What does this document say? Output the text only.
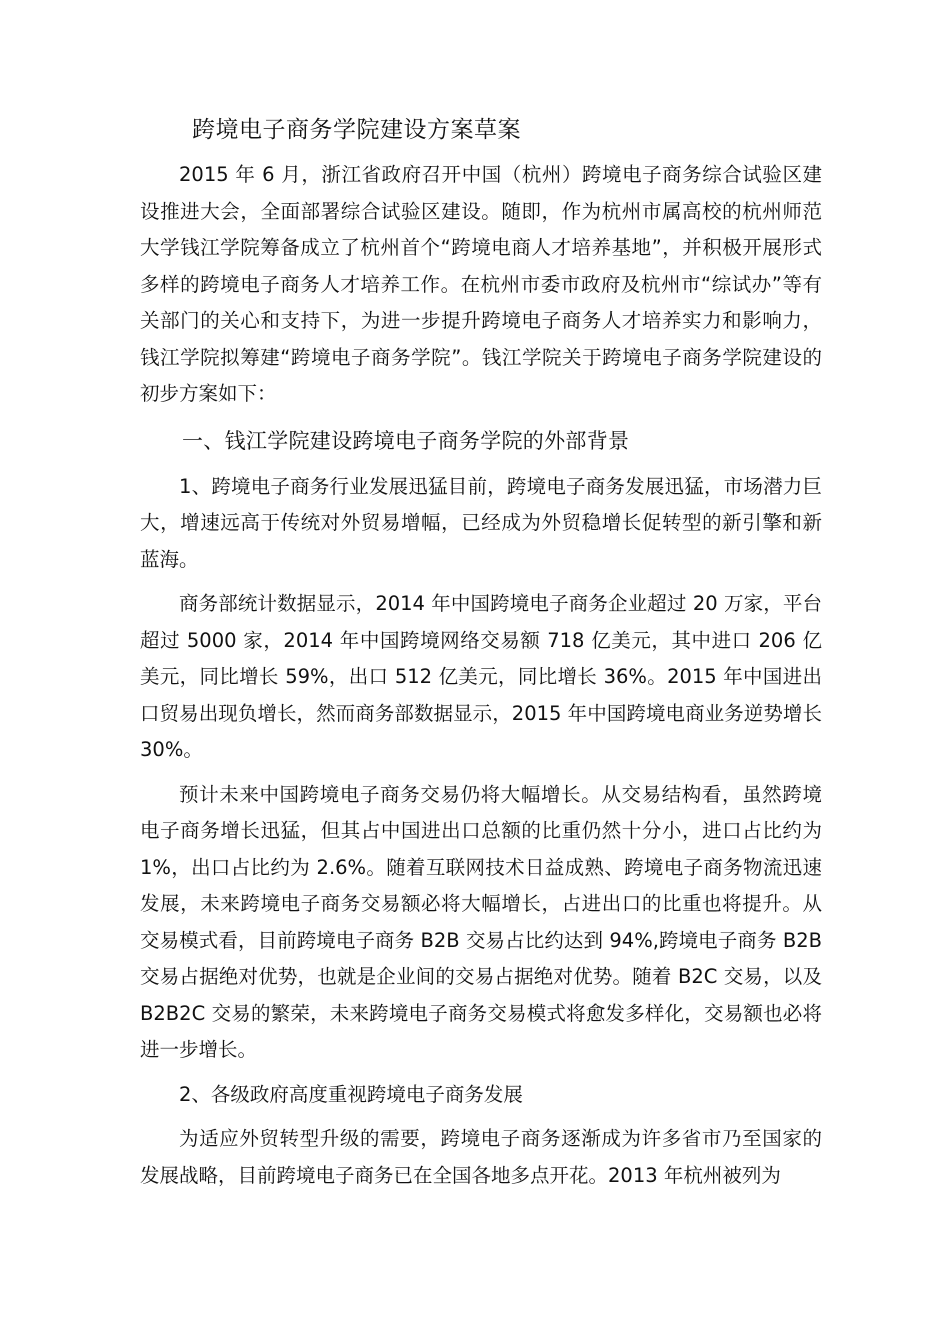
跨境电子商务学院建设方案草案

2015 年 6 月，浙江省政府召开中国（杭州）跨境电子商务综合试验区建设推进大会，全面部署综合试验区建设。随即，作为杭州市属高校的杭州师范大学钱江学院筹备成立了杭州首个“跨境电商人才培养基地”，并积极开展形式多样的跨境电子商务人才培养工作。在杭州市委市政府及杭州市“综试办”等有关部门的关心和支持下，为进一步提升跨境电子商务人才培养实力和影响力，钱江学院拟筹建“跨境电子商务学院”。钱江学院关于跨境电子商务学院建设的初步方案如下：

一、钱江学院建设跨境电子商务学院的外部背景

1、跨境电子商务行业发展迅猛目前，跨境电子商务发展迅猛，市场潜力巨大，增速远高于传统对外贸易增幅，已经成为外贸稳增长促转型的新引擎和新蓝海。

商务部统计数据显示，2014 年中国跨境电子商务企业超过 20 万家，平台超过 5000 家，2014 年中国跨境网络交易额 718 亿美元，其中进口 206 亿美元，同比增长 59%，出口 512 亿美元，同比增长 36%。2015 年中国进出口贸易出现负增长，然而商务部数据显示，2015 年中国跨境电商业务逆势增长 30%。

预计未来中国跨境电子商务交易仍将大幅增长。从交易结构看，虽然跨境电子商务增长迅猛，但其占中国进出口总额的比重仍然十分小，进口占比约为 1%，出口占比约为 2.6%。随着互联网技术日益成熟、跨境电子商务物流迅速发展，未来跨境电子商务交易额必将大幅增长，占进出口的比重也将提升。从交易模式看，目前跨境电子商务 B2B 交易占比约达到 94%,跨境电子商务 B2B 交易占据绝对优势，也就是企业间的交易占据绝对优势。随着 B2C 交易，以及 B2B2C 交易的繁荣，未来跨境电子商务交易模式将愈发多样化，交易额也必将进一步增长。

2、各级政府高度重视跨境电子商务发展

为适应外贸转型升级的需要，跨境电子商务逐渐成为许多省市乃至国家的发展战略，目前跨境电子商务已在全国各地多点开花。2013 年杭州被列为
